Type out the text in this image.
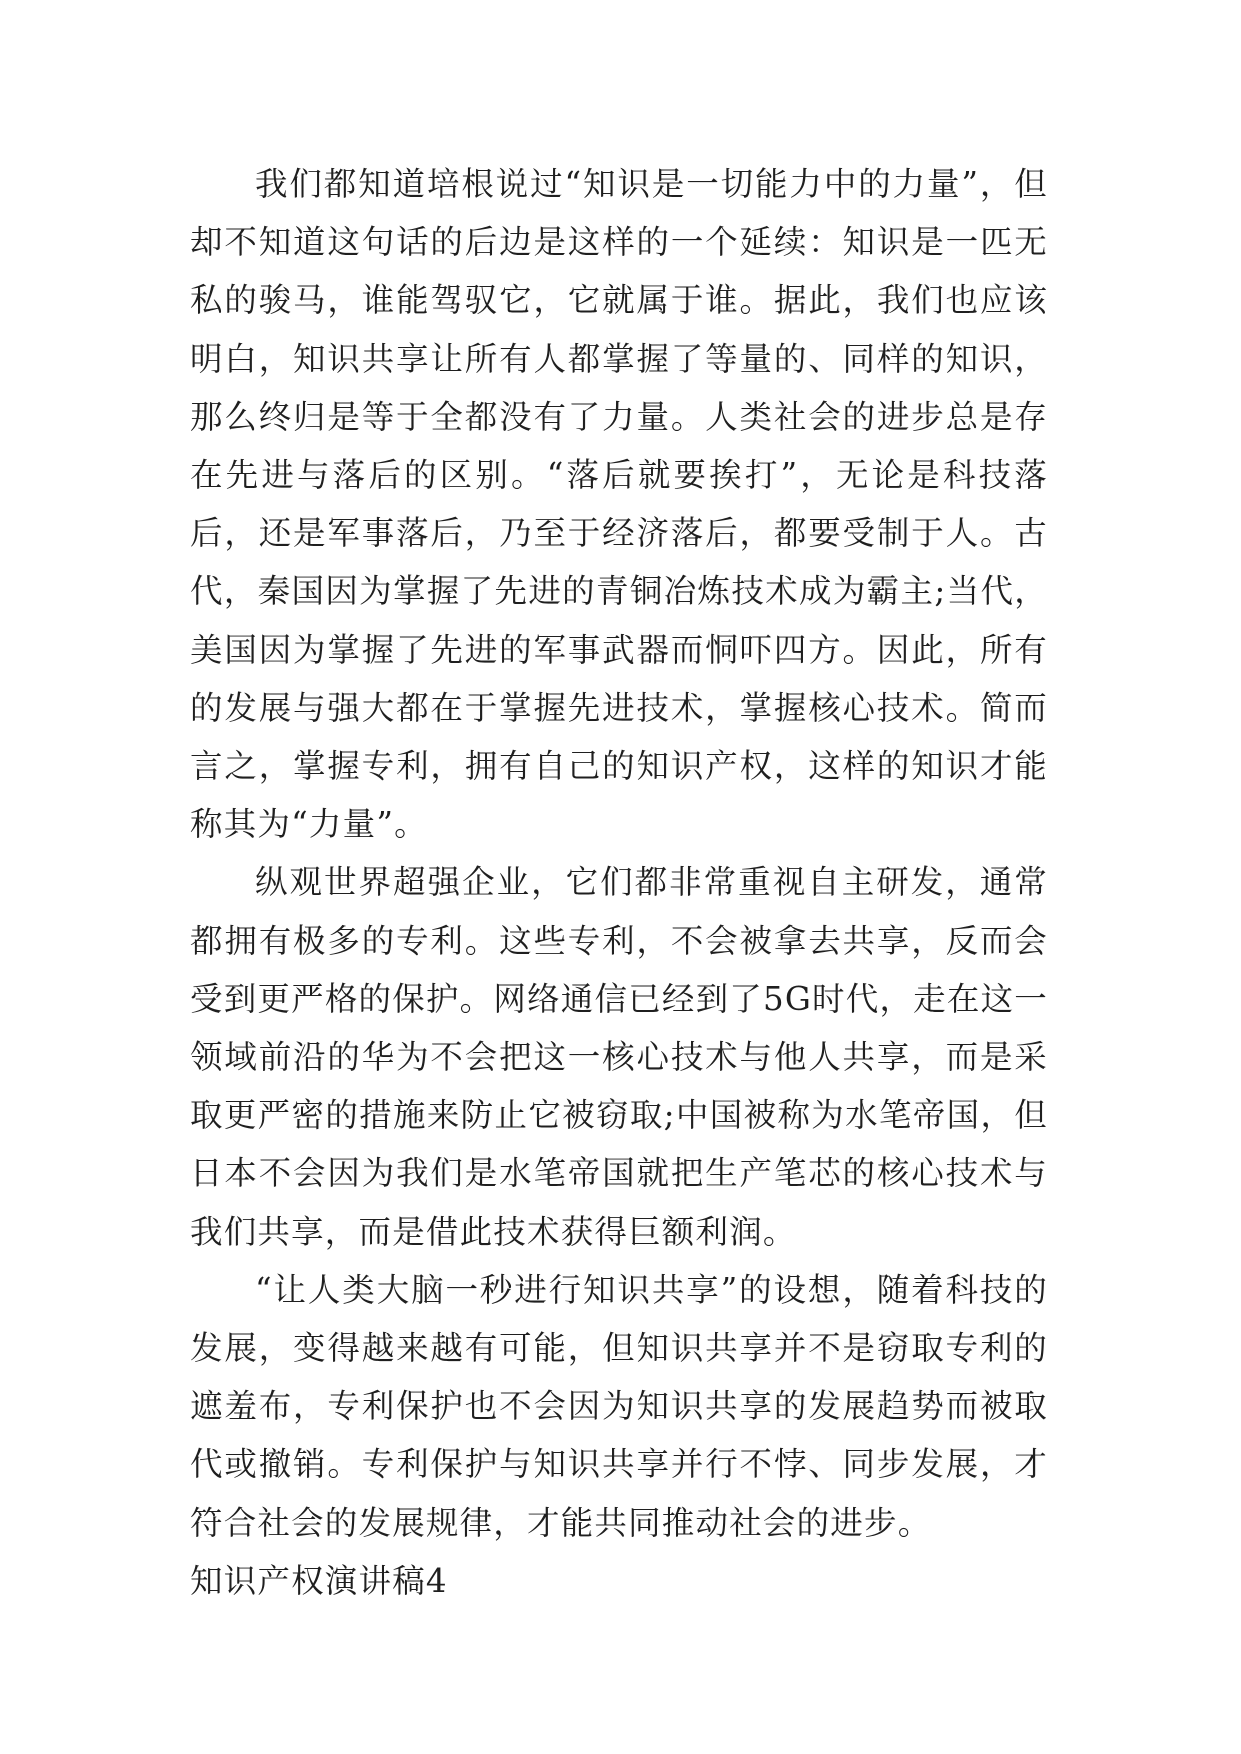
我们都知道培根说过“知识是一切能力中的力量”，但却不知道这句话的后边是这样的一个延续：知识是一匹无私的骏马，谁能驾驭它，它就属于谁。据此，我们也应该明白，知识共享让所有人都掌握了等量的、同样的知识，那么终归是等于全都没有了力量。人类社会的进步总是存在先进与落后的区别。“落后就要挨打”，无论是科技落后，还是军事落后，乃至于经济落后，都要受制于人。古代，秦国因为掌握了先进的青铜冶炼技术成为霸主;当代，美国因为掌握了先进的军事武器而恫吓四方。因此，所有的发展与强大都在于掌握先进技术，掌握核心技术。简而言之，掌握专利，拥有自己的知识产权，这样的知识才能称其为“力量”。

纵观世界超强企业，它们都非常重视自主研发，通常都拥有极多的专利。这些专利，不会被拿去共享，反而会受到更严格的保护。网络通信已经到了5G时代，走在这一领域前沿的华为不会把这一核心技术与他人共享，而是采取更严密的措施来防止它被窃取;中国被称为水笔帝国，但日本不会因为我们是水笔帝国就把生产笔芯的核心技术与我们共享，而是借此技术获得巨额利润。

“让人类大脑一秒进行知识共享”的设想，随着科技的发展，变得越来越有可能，但知识共享并不是窃取专利的遮羞布，专利保护也不会因为知识共享的发展趋势而被取代或撤销。专利保护与知识共享并行不悖、同步发展，才符合社会的发展规律，才能共同推动社会的进步。

知识产权演讲稿4
